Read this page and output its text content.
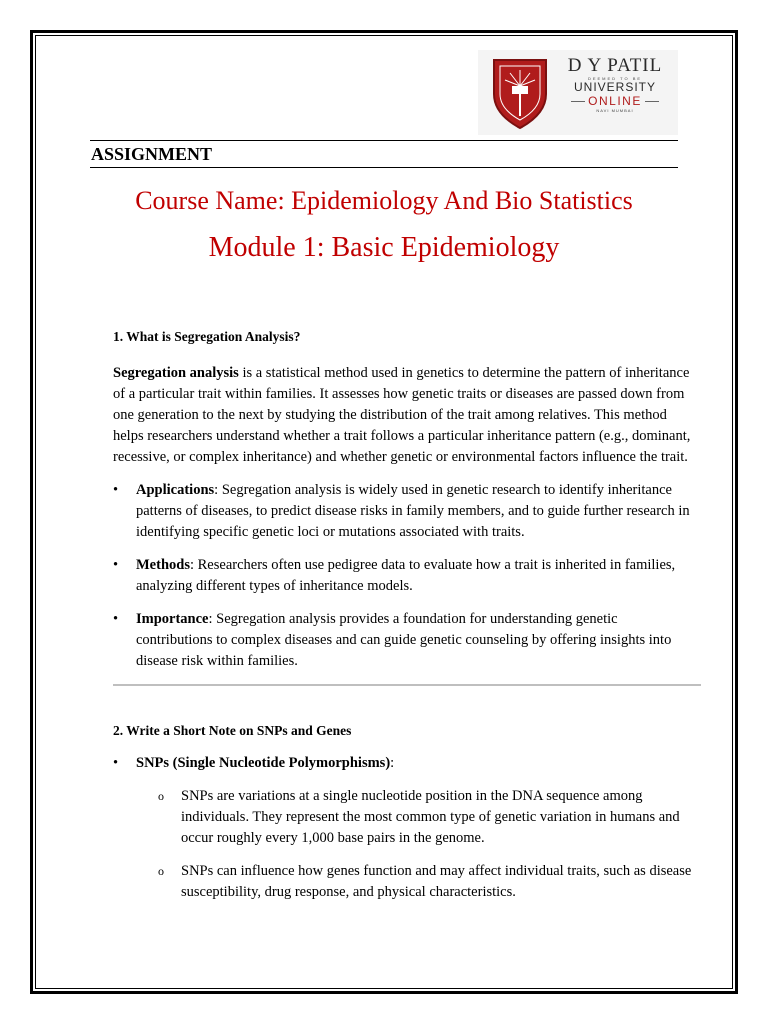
D Y PATIL
DEEMED TO BE
UNIVERSITY
ONLINE
NAVI MUMBAI
ASSIGNMENT
Course Name: Epidemiology And Bio Statistics
Module 1: Basic Epidemiology
1. What is Segregation Analysis?

Segregation analysis is a statistical method used in genetics to determine the pattern of inheritance of a particular trait within families. It assesses how genetic traits or diseases are passed down from one generation to the next by studying the distribution of the trait among relatives. This method helps researchers understand whether a trait follows a particular inheritance pattern (e.g., dominant, recessive, or complex inheritance) and whether genetic or environmental factors influence the trait.

• Applications: Segregation analysis is widely used in genetic research to identify inheritance patterns of diseases, to predict disease risks in family members, and to guide further research in identifying specific genetic loci or mutations associated with traits.
• Methods: Researchers often use pedigree data to evaluate how a trait is inherited in families, analyzing different types of inheritance models.
• Importance: Segregation analysis provides a foundation for understanding genetic contributions to complex diseases and can guide genetic counseling by offering insights into disease risk within families.
2. Write a Short Note on SNPs and Genes
• SNPs (Single Nucleotide Polymorphisms):
o SNPs are variations at a single nucleotide position in the DNA sequence among individuals. They represent the most common type of genetic variation in humans and occur roughly every 1,000 base pairs in the genome.
o SNPs can influence how genes function and may affect individual traits, such as disease susceptibility, drug response, and physical characteristics.
